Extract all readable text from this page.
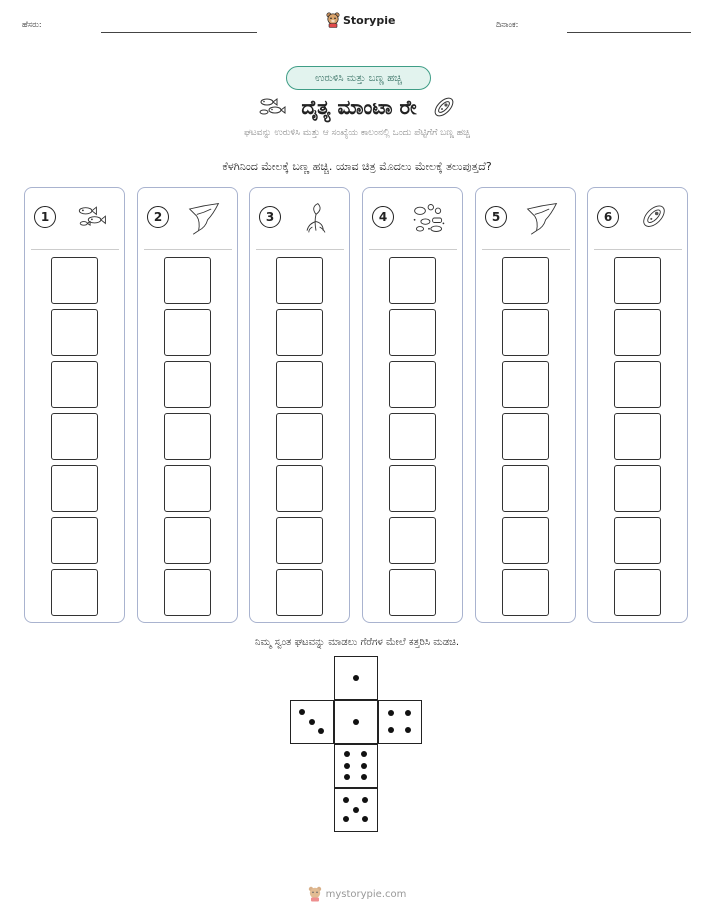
ಹೆಸರು:	Storypie	ದಿನಾಂಕ:
ಉರುಳಿಸಿ ಮತ್ತು ಬಣ್ಣ ಹಚ್ಚಿ
ದೈತ್ಯ ಮಾಂಟಾ ರೇ
ಘಟವನ್ನು ಉರುಳಿಸಿ ಮತ್ತು ಆ ಸಂಖ್ಯೆಯ ಕಾಲಂನಲ್ಲಿ ಒಂದು ಪೆಟ್ಟಿಗೆಗೆ ಬಣ್ಣ ಹಚ್ಚಿ
ಕೆಳಗಿನಿಂದ ಮೇಲಕ್ಕೆ ಬಣ್ಣ ಹಚ್ಚಿ. ಯಾವ ಚಿತ್ರ ಮೊದಲು ಮೇಲಕ್ಕೆ ತಲುಪುತ್ತದೆ?
1	2	3	4	5	6
ನಿಮ್ಮ ಸ್ವಂತ ಘಟವನ್ನು ಮಾಡಲು ಗೆರೆಗಳ ಮೇಲೆ ಕತ್ತರಿಸಿ ಮಡಚಿ.
mystorypie.com
